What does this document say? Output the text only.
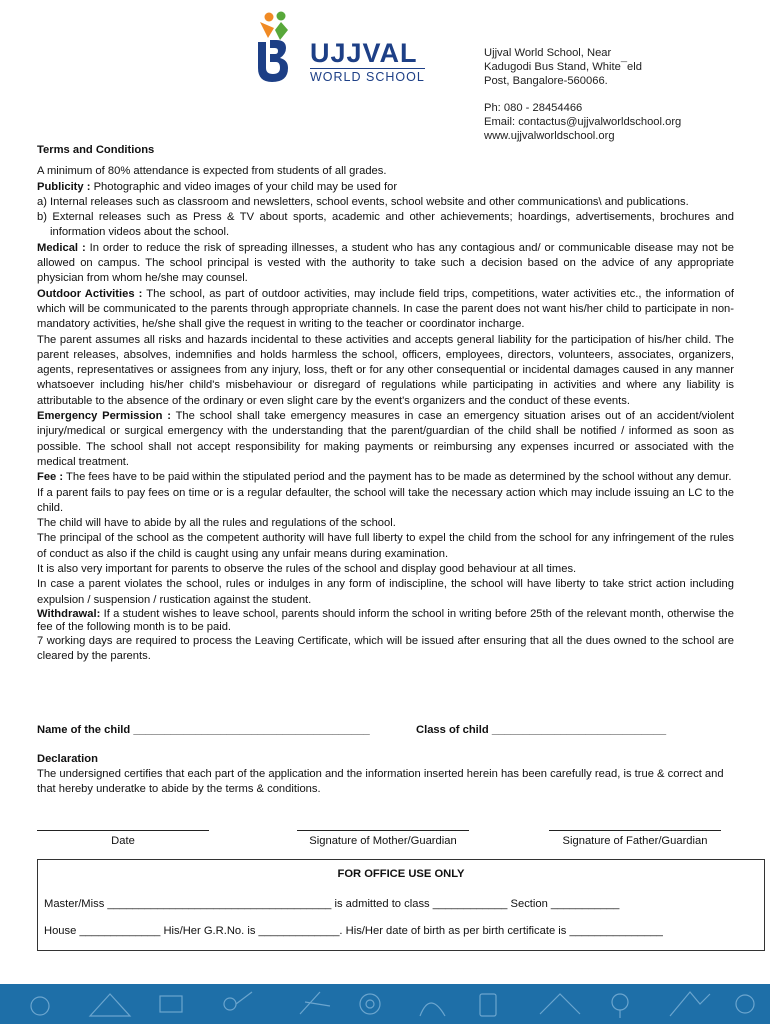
UJJVAL
WORLD SCHOOL
Ujjval World School, Near
Kadugodi Bus Stand, White¯eld
Post, Bangalore-560066.
Ph: 080 - 28454466
Email: contactus@ujjvalworldschool.org
www.ujjvalworldschool.org

Terms and Conditions

A minimum of 80% attendance is expected from students of all grades.

Publicity : Photographic and video images of your child may be used for

a) Internal releases such as classroom and newsletters, school events, school website and other communications\ and publications.

b) External releases such as Press & TV about sports, academic and other achievements; hoardings, advertisements, brochures and information videos about the school.

Medical : In order to reduce the risk of spreading illnesses, a student who has any contagious and/ or communicable disease may not be allowed on campus. The school principal is vested with the authority to take such a decision based on the advice of any appropriate physician from whom he/she may counsel.

Outdoor Activities : The school, as part of outdoor activities, may include field trips, competitions, water activities etc., the information of which will be communicated to the parents through appropriate channels. In case the parent does not want his/her child to participate in non-mandatory activities, he/she shall give the request in writing to the teacher or coordinator incharge.

The parent assumes all risks and hazards incidental to these activities and accepts general liability for the participation of his/her child. The parent releases, absolves, indemnifies and holds harmless the school, officers, employees, directors, volunteers, associates, organizers, agents, representatives or assignees from any injury, loss, theft or for any other consequential or incidental damages caused in any manner whatsoever including his/her child's misbehaviour or disregard of regulations while participating in activities and where any liability is attributable to the absence of the ordinary or even slight care by the event's organizers and the conduct of these events.

Emergency Permission : The school shall take emergency measures in case an emergency situation arises out of an accident/violent injury/medical or surgical emergency with the understanding that the parent/guardian of the child shall be notified / informed as soon as possible. The school shall not accept responsibility for making payments or reimbursing any expenses incurred or associated with the medical treatment.

Fee : The fees have to be paid within the stipulated period and the payment has to be made as determined by the school without any demur.

If a parent fails to pay fees on time or is a regular defaulter, the school will take the necessary action which may include issuing an LC to the child.

The child will have to abide by all the rules and regulations of the school.

The principal of the school as the competent authority will have full liberty to expel the child from the school for any infringement of the rules of conduct as also if the child is caught using any unfair means during examination.

It is also very important for parents to observe the rules of the school and display good behaviour at all times.

In case a parent violates the school, rules or indulges in any form of indiscipline, the school will have liberty to take strict action including expulsion / suspension / rustication against the student.

Withdrawal: If a student wishes to leave school, parents should inform the school in writing before 25th of the relevant month, otherwise the fee of the following month is to be paid.

7 working days are required to process the Leaving Certificate, which will be issued after ensuring that all the dues owned to the school are cleared by the parents.

Name of the child ______________________________________	Class of child ____________________________
Declaration
The undersigned certifies that each part of the application and the information inserted herein has been carefully read, is true & correct and that hereby underatke to abide by the terms & conditions.
Date	Signature of Mother/Guardian	Signature of Father/Guardian
FOR OFFICE USE ONLY
Master/Miss ____________________________________ is admitted to class ____________ Section ___________
House _____________ His/Her G.R.No. is _____________. His/Her date of birth as per birth certificate is _______________
